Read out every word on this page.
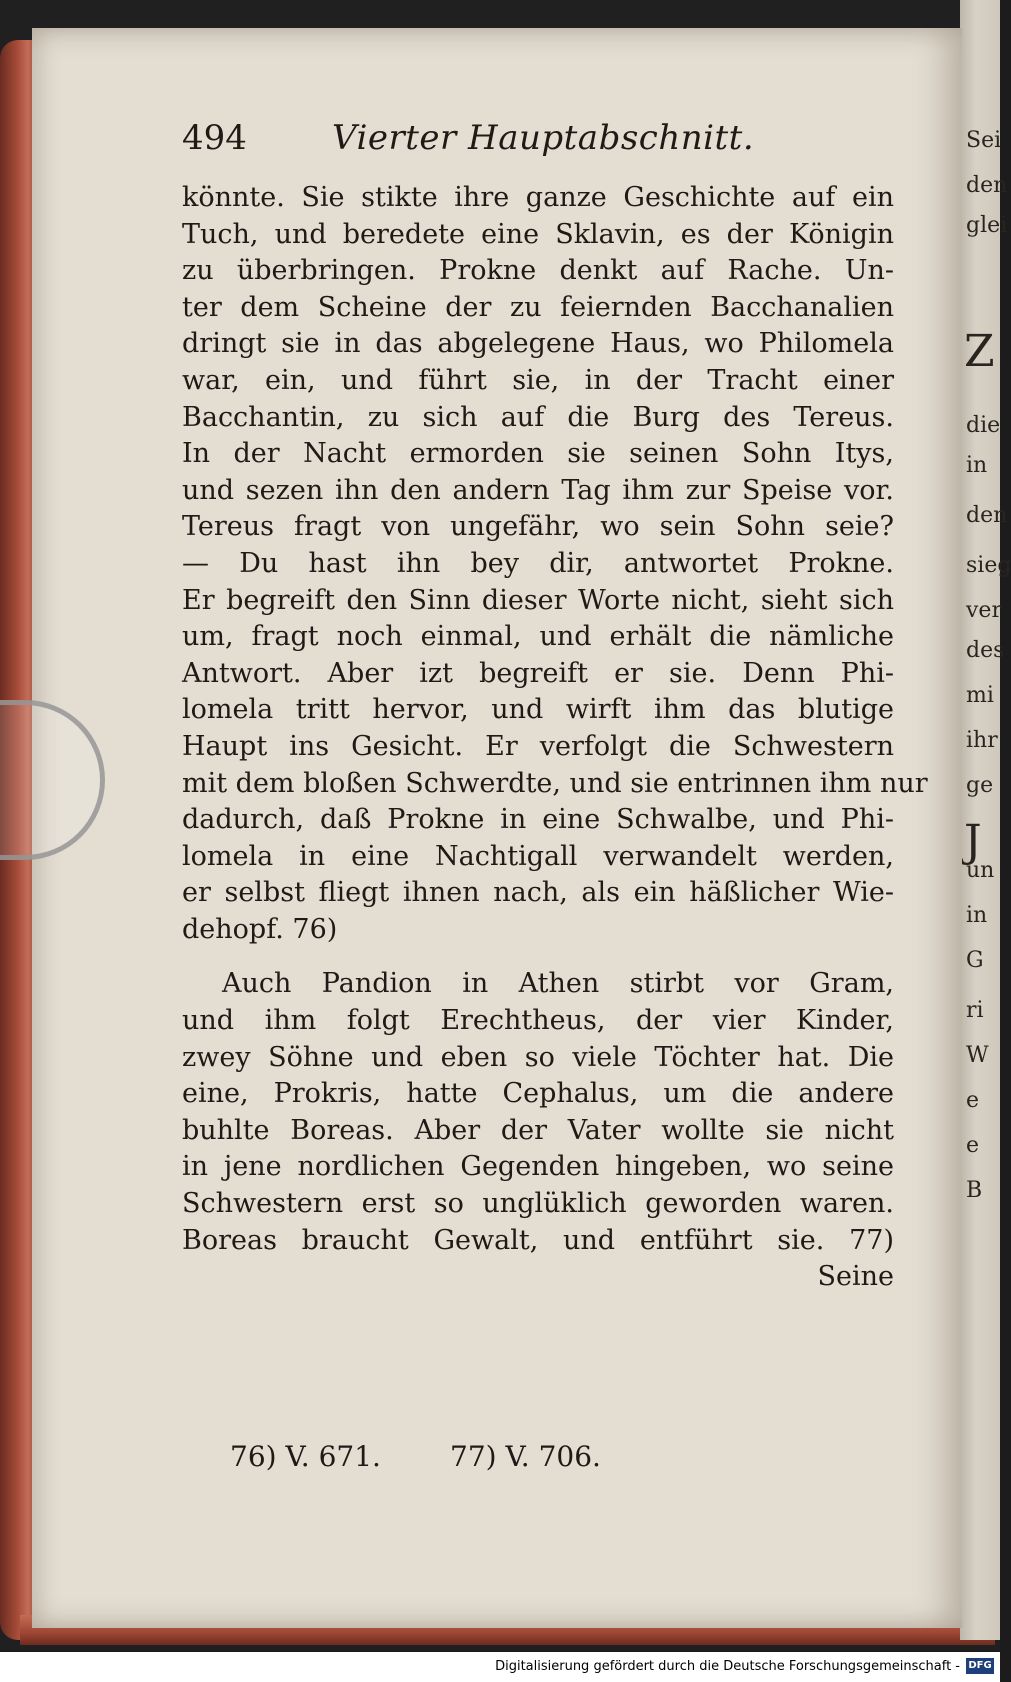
Sei
den
glei
Z
die
in
den
sieg
ver
des
mi
ihr
ge
J
un
in
G
ri
W
e
e
B
494	Vierter Hauptabschnitt.
könnte. Sie stikte ihre ganze Geschichte auf ein
Tuch, und beredete eine Sklavin, es der Königin
zu überbringen. Prokne denkt auf Rache. Un-
ter dem Scheine der zu feiernden Bacchanalien
dringt sie in das abgelegene Haus, wo Philomela
war, ein, und führt sie, in der Tracht einer
Bacchantin, zu sich auf die Burg des Tereus.
In der Nacht ermorden sie seinen Sohn Itys,
und sezen ihn den andern Tag ihm zur Speise vor.
Tereus fragt von ungefähr, wo sein Sohn seie?
— Du hast ihn bey dir, antwortet Prokne.
Er begreift den Sinn dieser Worte nicht, sieht sich
um, fragt noch einmal, und erhält die nämliche
Antwort. Aber izt begreift er sie. Denn Phi-
lomela tritt hervor, und wirft ihm das blutige
Haupt ins Gesicht. Er verfolgt die Schwestern
mit dem bloßen Schwerdte, und sie entrinnen ihm nur
dadurch, daß Prokne in eine Schwalbe, und Phi-
lomela in eine Nachtigall verwandelt werden,
er selbst fliegt ihnen nach, als ein häßlicher Wie-
dehopf. 76)
Auch Pandion in Athen stirbt vor Gram,
und ihm folgt Erechtheus, der vier Kinder,
zwey Söhne und eben so viele Töchter hat. Die
eine, Prokris, hatte Cephalus, um die andere
buhlte Boreas. Aber der Vater wollte sie nicht
in jene nordlichen Gegenden hingeben, wo seine
Schwestern erst so unglüklich geworden waren.
Boreas braucht Gewalt, und entführt sie. 77)
Seine
76) V. 671. 77) V. 706.
Digitalisierung gefördert durch die Deutsche Forschungsgemeinschaft - DFG
